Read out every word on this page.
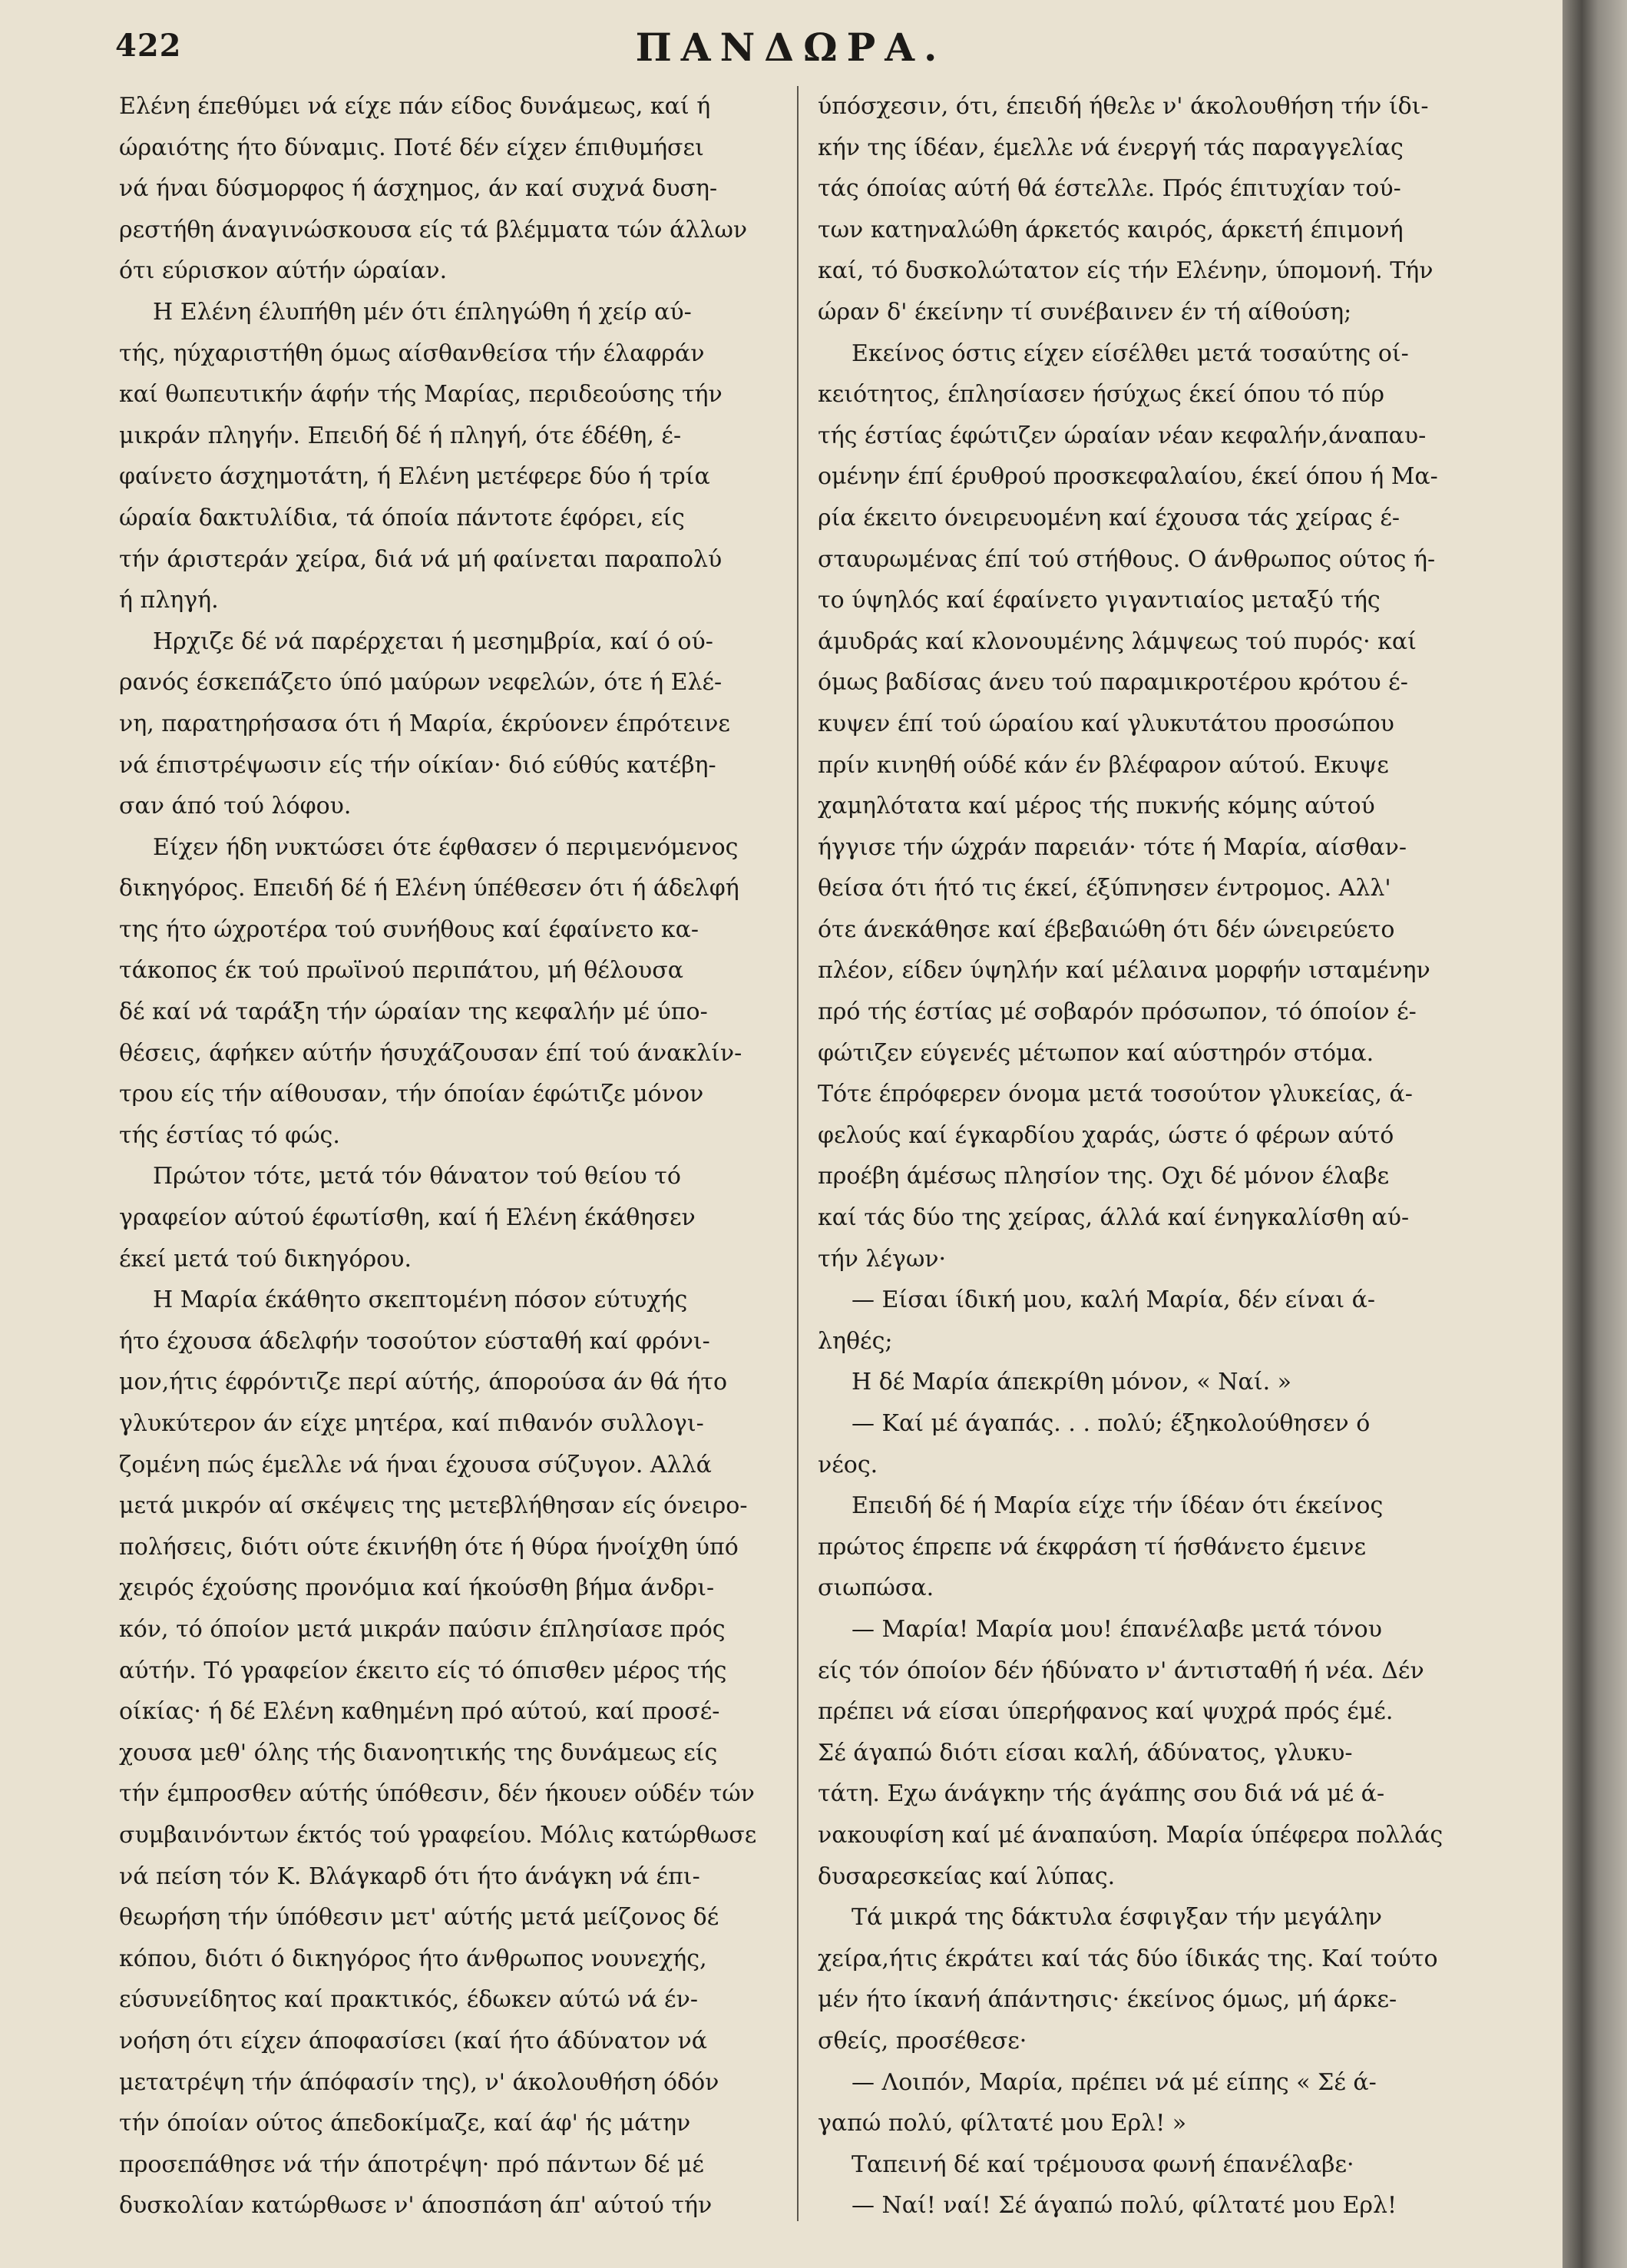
422	ΠΑΝΔΩΡΑ.
Ελένη έπεθύμει νά είχε πάν είδος δυνάμεως, καί ή
ώραιότης ήτο δύναμις. Ποτέ δέν είχεν έπιθυμήσει
νά ήναι δύσμορφος ή άσχημος, άν καί συχνά δυση-
ρεστήθη άναγινώσκουσα είς τά βλέμματα τών άλλων
ότι εύρισκον αύτήν ώραίαν.
Η Ελένη έλυπήθη μέν ότι έπληγώθη ή χείρ αύ-
τής, ηύχαριστήθη όμως αίσθανθείσα τήν έλαφράν
καί θωπευτικήν άφήν τής Μαρίας, περιδεούσης τήν
μικράν πληγήν. Επειδή δέ ή πληγή, ότε έδέθη, έ-
φαίνετο άσχημοτάτη, ή Ελένη μετέφερε δύο ή τρία
ώραία δακτυλίδια, τά όποία πάντοτε έφόρει, είς
τήν άριστεράν χείρα, διά νά μή φαίνεται παραπολύ
ή πληγή.
Ηρχιζε δέ νά παρέρχεται ή μεσημβρία, καί ό ού-
ρανός έσκεπάζετο ύπό μαύρων νεφελών, ότε ή Ελέ-
νη, παρατηρήσασα ότι ή Μαρία, έκρύονεν έπρότεινε
νά έπιστρέψωσιν είς τήν οίκίαν· διό εύθύς κατέβη-
σαν άπό τού λόφου.
Είχεν ήδη νυκτώσει ότε έφθασεν ό περιμενόμενος
δικηγόρος. Επειδή δέ ή Ελένη ύπέθεσεν ότι ή άδελφή
της ήτο ώχροτέρα τού συνήθους καί έφαίνετο κα-
τάκοπος έκ τού πρωϊνού περιπάτου, μή θέλουσα
δέ καί νά ταράξη τήν ώραίαν της κεφαλήν μέ ύπο-
θέσεις, άφήκεν αύτήν ήσυχάζουσαν έπί τού άνακλίν-
τρου είς τήν αίθουσαν, τήν όποίαν έφώτιζε μόνον
τής έστίας τό φώς.
Πρώτον τότε, μετά τόν θάνατον τού θείου τό
γραφείον αύτού έφωτίσθη, καί ή Ελένη έκάθησεν
έκεί μετά τού δικηγόρου.
Η Μαρία έκάθητο σκεπτομένη πόσον εύτυχής
ήτο έχουσα άδελφήν τοσούτον εύσταθή καί φρόνι-
μον,ήτις έφρόντιζε περί αύτής, άπορούσα άν θά ήτο
γλυκύτερον άν είχε μητέρα, καί πιθανόν συλλογι-
ζομένη πώς έμελλε νά ήναι έχουσα σύζυγον. Αλλά
μετά μικρόν αί σκέψεις της μετεβλήθησαν είς όνειρο-
πολήσεις, διότι ούτε έκινήθη ότε ή θύρα ήνοίχθη ύπό
χειρός έχούσης προνόμια καί ήκούσθη βήμα άνδρι-
κόν, τό όποίον μετά μικράν παύσιν έπλησίασε πρός
αύτήν. Τό γραφείον έκειτο είς τό όπισθεν μέρος τής
οίκίας· ή δέ Ελένη καθημένη πρό αύτού, καί προσέ-
χουσα μεθ' όλης τής διανοητικής της δυνάμεως είς
τήν έμπροσθεν αύτής ύπόθεσιν, δέν ήκουεν ούδέν τών
συμβαινόντων έκτός τού γραφείου. Μόλις κατώρθωσε
νά πείση τόν Κ. Βλάγκαρδ ότι ήτο άνάγκη νά έπι-
θεωρήση τήν ύπόθεσιν μετ' αύτής μετά μείζονος δέ
κόπου, διότι ό δικηγόρος ήτο άνθρωπος νουνεχής,
εύσυνείδητος καί πρακτικός, έδωκεν αύτώ νά έν-
νοήση ότι είχεν άποφασίσει (καί ήτο άδύνατον νά
μετατρέψη τήν άπόφασίν της), ν' άκολουθήση όδόν
τήν όποίαν ούτος άπεδοκίμαζε, καί άφ' ής μάτην
προσεπάθησε νά τήν άποτρέψη· πρό πάντων δέ μέ
δυσκολίαν κατώρθωσε ν' άποσπάση άπ' αύτού τήν
ύπόσχεσιν, ότι, έπειδή ήθελε ν' άκολουθήση τήν ίδι-
κήν της ίδέαν, έμελλε νά ένεργή τάς παραγγελίας
τάς όποίας αύτή θά έστελλε. Πρός έπιτυχίαν τού-
των κατηναλώθη άρκετός καιρός, άρκετή έπιμονή
καί, τό δυσκολώτατον είς τήν Ελένην, ύπομονή. Τήν
ώραν δ' έκείνην τί συνέβαινεν έν τή αίθούση;
Εκείνος όστις είχεν είσέλθει μετά τοσαύτης οί-
κειότητος, έπλησίασεν ήσύχως έκεί όπου τό πύρ
τής έστίας έφώτιζεν ώραίαν νέαν κεφαλήν,άναπαυ-
ομένην έπί έρυθρού προσκεφαλαίου, έκεί όπου ή Μα-
ρία έκειτο όνειρευομένη καί έχουσα τάς χείρας έ-
σταυρωμένας έπί τού στήθους. Ο άνθρωπος ούτος ή-
το ύψηλός καί έφαίνετο γιγαντιαίος μεταξύ τής
άμυδράς καί κλονουμένης λάμψεως τού πυρός· καί
όμως βαδίσας άνευ τού παραμικροτέρου κρότου έ-
κυψεν έπί τού ώραίου καί γλυκυτάτου προσώπου
πρίν κινηθή ούδέ κάν έν βλέφαρον αύτού. Εκυψε
χαμηλότατα καί μέρος τής πυκνής κόμης αύτού
ήγγισε τήν ώχράν παρειάν· τότε ή Μαρία, αίσθαν-
θείσα ότι ήτό τις έκεί, έξύπνησεν έντρομος. Αλλ'
ότε άνεκάθησε καί έβεβαιώθη ότι δέν ώνειρεύετο
πλέον, είδεν ύψηλήν καί μέλαινα μορφήν ισταμένην
πρό τής έστίας μέ σοβαρόν πρόσωπον, τό όποίον έ-
φώτιζεν εύγενές μέτωπον καί αύστηρόν στόμα.
Τότε έπρόφερεν όνομα μετά τοσούτον γλυκείας, ά-
φελούς καί έγκαρδίου χαράς, ώστε ό φέρων αύτό
προέβη άμέσως πλησίον της. Οχι δέ μόνον έλαβε
καί τάς δύο της χείρας, άλλά καί ένηγκαλίσθη αύ-
τήν λέγων·
— Είσαι ίδική μου, καλή Μαρία, δέν είναι ά-
ληθές;
Η δέ Μαρία άπεκρίθη μόνον, « Ναί. »
— Καί μέ άγαπάς. . . πολύ; έξηκολούθησεν ό
νέος.
Επειδή δέ ή Μαρία είχε τήν ίδέαν ότι έκείνος
πρώτος έπρεπε νά έκφράση τί ήσθάνετο έμεινε
σιωπώσα.
— Μαρία! Μαρία μου! έπανέλαβε μετά τόνου
είς τόν όποίον δέν ήδύνατο ν' άντισταθή ή νέα. Δέν
πρέπει νά είσαι ύπερήφανος καί ψυχρά πρός έμέ.
Σέ άγαπώ διότι είσαι καλή, άδύνατος, γλυκυ-
τάτη. Εχω άνάγκην τής άγάπης σου διά νά μέ ά-
νακουφίση καί μέ άναπαύση. Μαρία ύπέφερα πολλάς
δυσαρεσκείας καί λύπας.
Τά μικρά της δάκτυλα έσφιγξαν τήν μεγάλην
χείρα,ήτις έκράτει καί τάς δύο ίδικάς της. Καί τούτο
μέν ήτο ίκανή άπάντησις· έκείνος όμως, μή άρκε-
σθείς, προσέθεσε·
— Λοιπόν, Μαρία, πρέπει νά μέ είπης « Σέ ά-
γαπώ πολύ, φίλτατέ μου Ερλ! »
Ταπεινή δέ καί τρέμουσα φωνή έπανέλαβε·
— Ναί! ναί! Σέ άγαπώ πολύ, φίλτατέ μου Ερλ!
